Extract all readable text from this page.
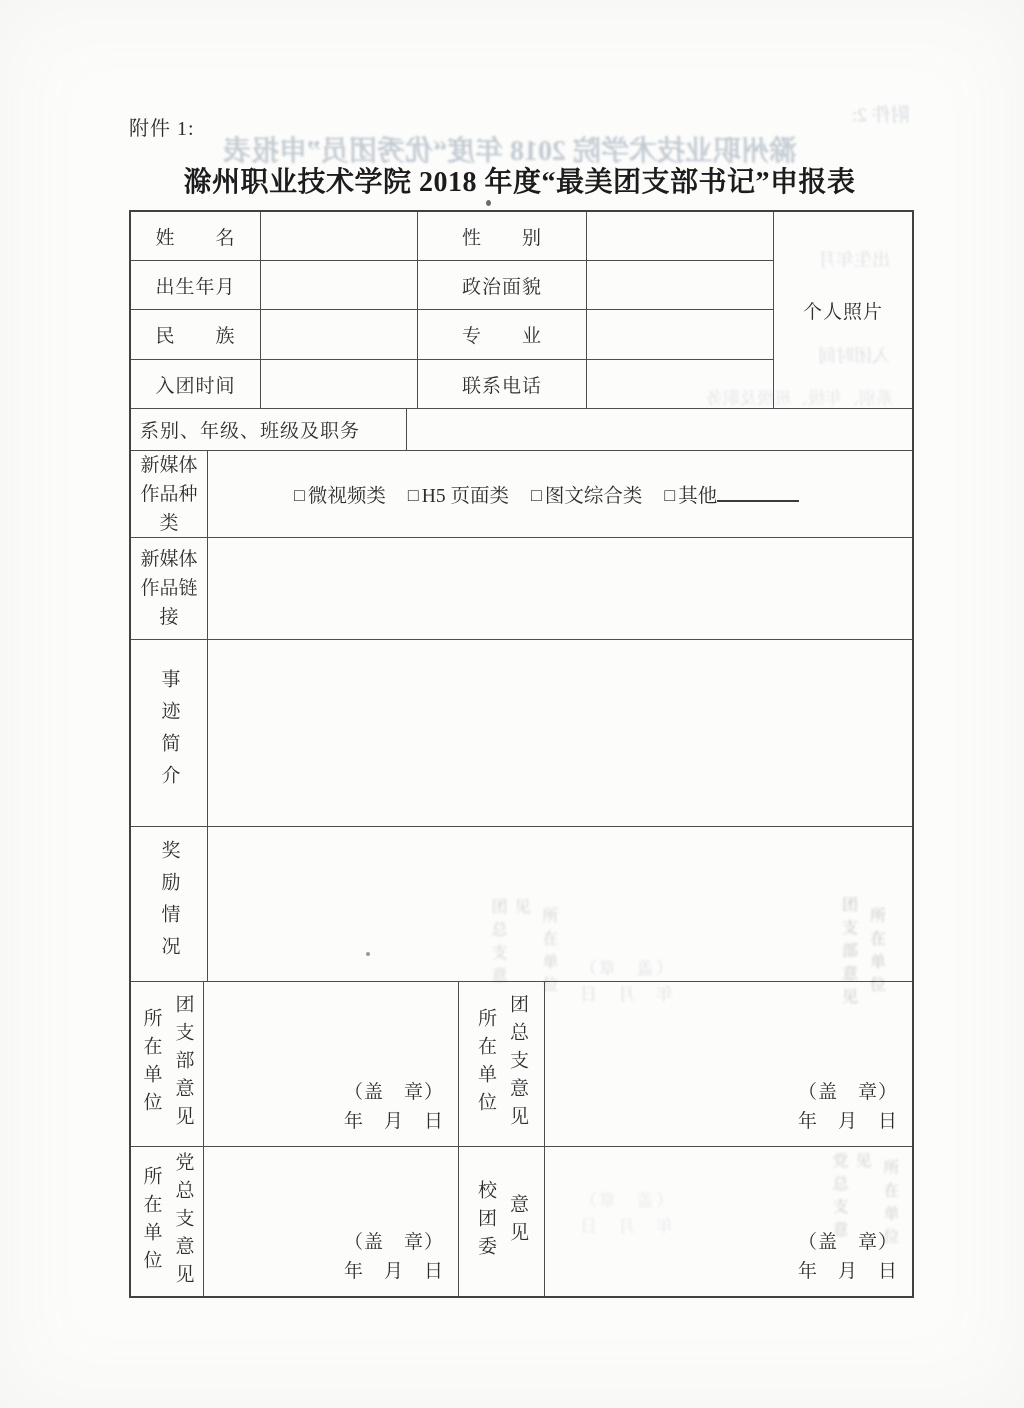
附件 2:
滁州职业技术学院 2018 年度“优秀团员”申报表
出生年月
入团时间
系别、年级、班级及职务
团支部意见 所在单位
团总支意见 所在单位
党总支意见 所在单位
（盖　章）
年　月　日
（盖　章）
年　月　日
附件 1:
滁州职业技术学院 2018 年度“最美团支部书记”申报表
姓　　名	性　　别
个人照片
出生年月	政治面貌
民　　族	专　　业
入团时间	联系电话
系别、年级、班级及职务
新媒体作品种类
□ 微视频类 □ H5 页面类 □ 图文综合类 □ 其他
新媒体作品链接
事迹简介
奖励情况
所在单位 团支部意见	（盖　章）
年　月　日
所在单位 团总支意见	（盖　章）
年　月　日
所在单位 党总支意见	（盖　章）
年　月　日
校团委 意见	（盖　章）
年　月　日
